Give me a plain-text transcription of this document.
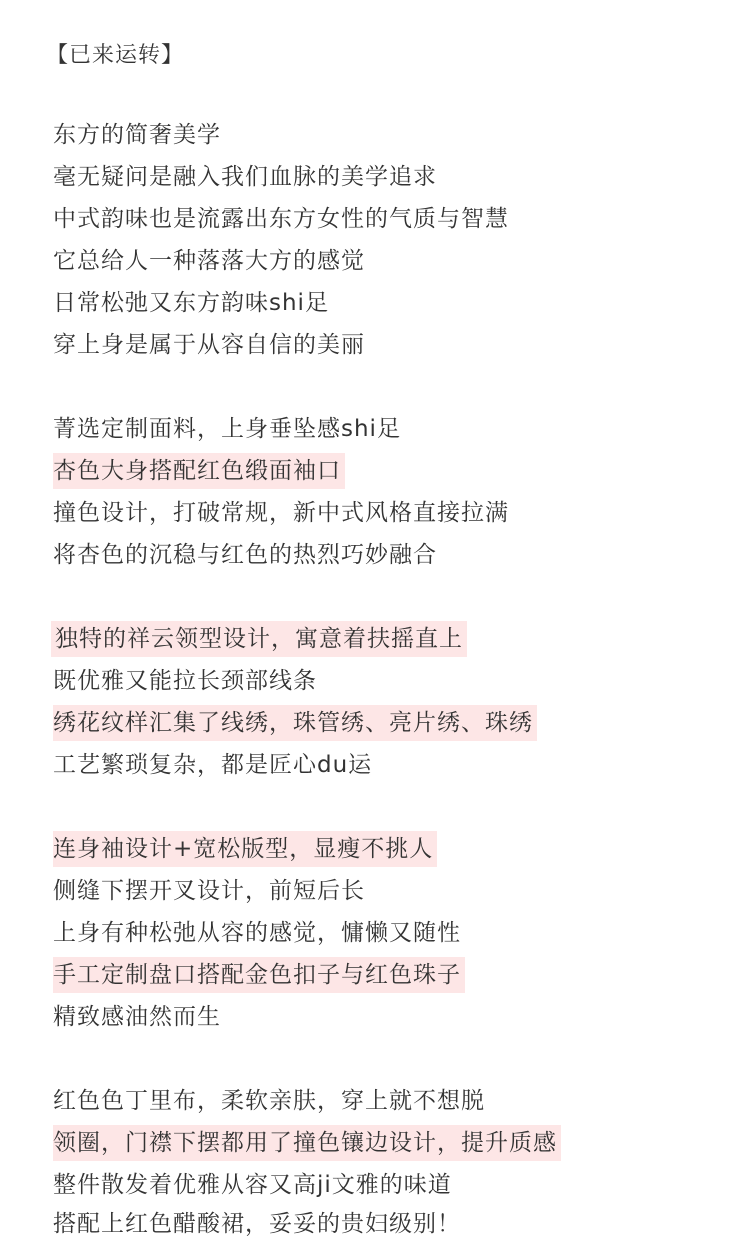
【已来运转】
东方的简奢美学
毫无疑问是融入我们血脉的美学追求
中式韵味也是流露出东方女性的气质与智慧
它总给人一种落落大方的感觉
日常松弛又东方韵味shi足
穿上身是属于从容自信的美丽
菁选定制面料，上身垂坠感shi足
杏色大身搭配红色缎面袖口
撞色设计，打破常规，新中式风格直接拉满
将杏色的沉稳与红色的热烈巧妙融合
独特的祥云领型设计，寓意着扶摇直上
既优雅又能拉长颈部线条
绣花纹样汇集了线绣，珠管绣、亮片绣、珠绣
工艺繁琐复杂，都是匠心du运
连身袖设计+宽松版型，显瘦不挑人
侧缝下摆开叉设计，前短后长
上身有种松弛从容的感觉，慵懒又随性
手工定制盘口搭配金色扣子与红色珠子
精致感油然而生
红色色丁里布，柔软亲肤，穿上就不想脱
领圈，门襟下摆都用了撞色镶边设计，提升质感
整件散发着优雅从容又高ji文雅的味道
搭配上红色醋酸裙，妥妥的贵妇级别！
